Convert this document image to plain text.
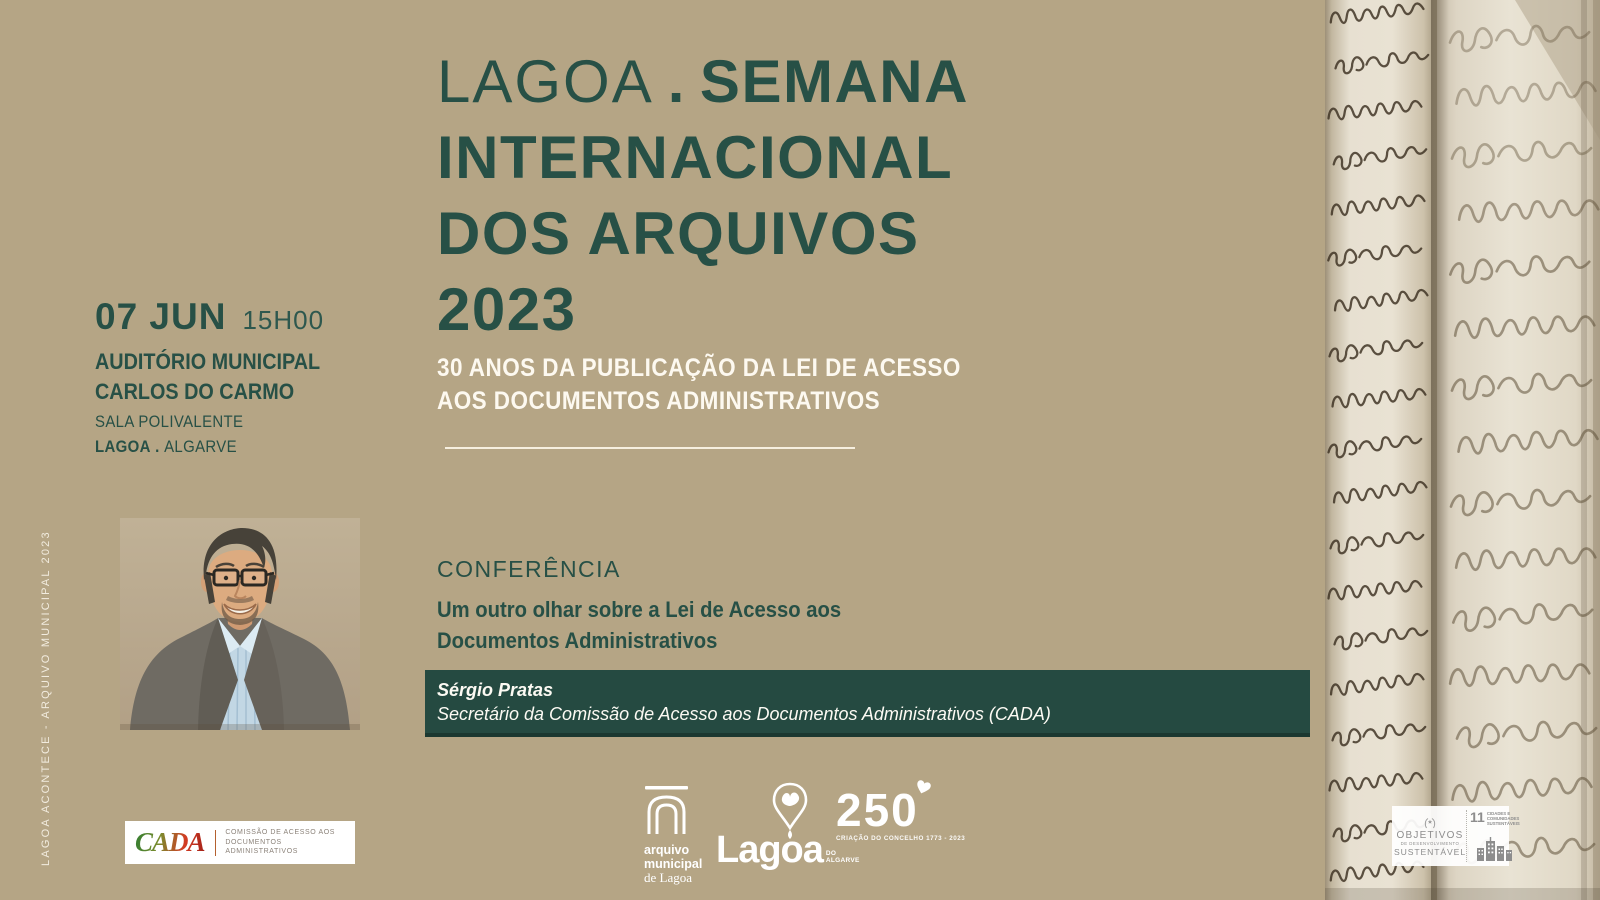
LAGOA ACONTECE - ARQUIVO MUNICIPAL 2023
07 JUN 15H00
AUDITÓRIO MUNICIPAL
CARLOS DO CARMO
SALA POLIVALENTE
LAGOA . ALGARVE
LAGOA . SEMANA
INTERNACIONAL
DOS ARQUIVOS
2023
30 ANOS DA PUBLICAÇÃO DA LEI DE ACESSO
AOS DOCUMENTOS ADMINISTRATIVOS
CONFERÊNCIA
Um outro olhar sobre a Lei de Acesso aos
Documentos Administrativos
Sérgio Pratas
Secretário da Comissão de Acesso aos Documentos Administrativos (CADA)
CADA	COMISSÃO DE ACESSO AOS
DOCUMENTOS ADMINISTRATIVOS	arquivo
municipal
de Lagoa
Lagoa DO
ALGARVE
250
CRIAÇÃO DO CONCELHO 1773 - 2023	OBJETIVOS
DE DESENVOLVIMENTO
SUSTENTÁVEL
11 CIDADES E
COMUNIDADES
SUSTENTÁVEIS
